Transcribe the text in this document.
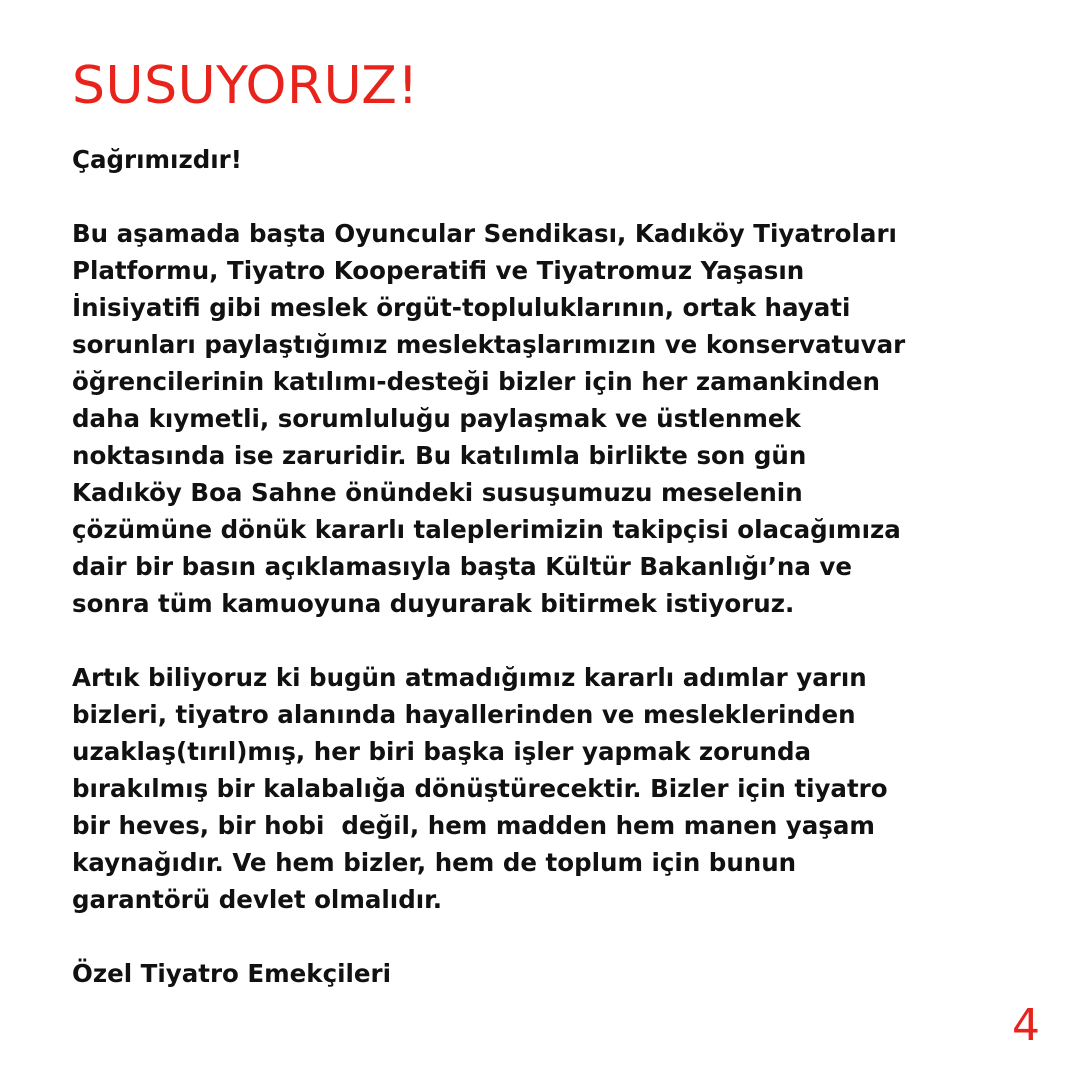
SUSUYORUZ!
Çağrımızdır!
Bu aşamada başta Oyuncular Sendikası, Kadıköy Tiyatroları
Platformu, Tiyatro Kooperatifi ve Tiyatromuz Yaşasın
İnisiyatifi gibi meslek örgüt-topluluklarının, ortak hayati
sorunları paylaştığımız meslektaşlarımızın ve konservatuvar
öğrencilerinin katılımı-desteği bizler için her zamankinden
daha kıymetli, sorumluluğu paylaşmak ve üstlenmek
noktasında ise zaruridir. Bu katılımla birlikte son gün
Kadıköy Boa Sahne önündeki susuşumuzu meselenin
çözümüne dönük kararlı taleplerimizin takipçisi olacağımıza
dair bir basın açıklamasıyla başta Kültür Bakanlığı’na ve
sonra tüm kamuoyuna duyurarak bitirmek istiyoruz.
Artık biliyoruz ki bugün atmadığımız kararlı adımlar yarın
bizleri, tiyatro alanında hayallerinden ve mesleklerinden
uzaklaş(tırıl)mış, her biri başka işler yapmak zorunda
bırakılmış bir kalabalığa dönüştürecektir. Bizler için tiyatro
bir heves, bir hobi  değil, hem madden hem manen yaşam
kaynağıdır. Ve hem bizler, hem de toplum için bunun
garantörü devlet olmalıdır.
Özel Tiyatro Emekçileri
4
